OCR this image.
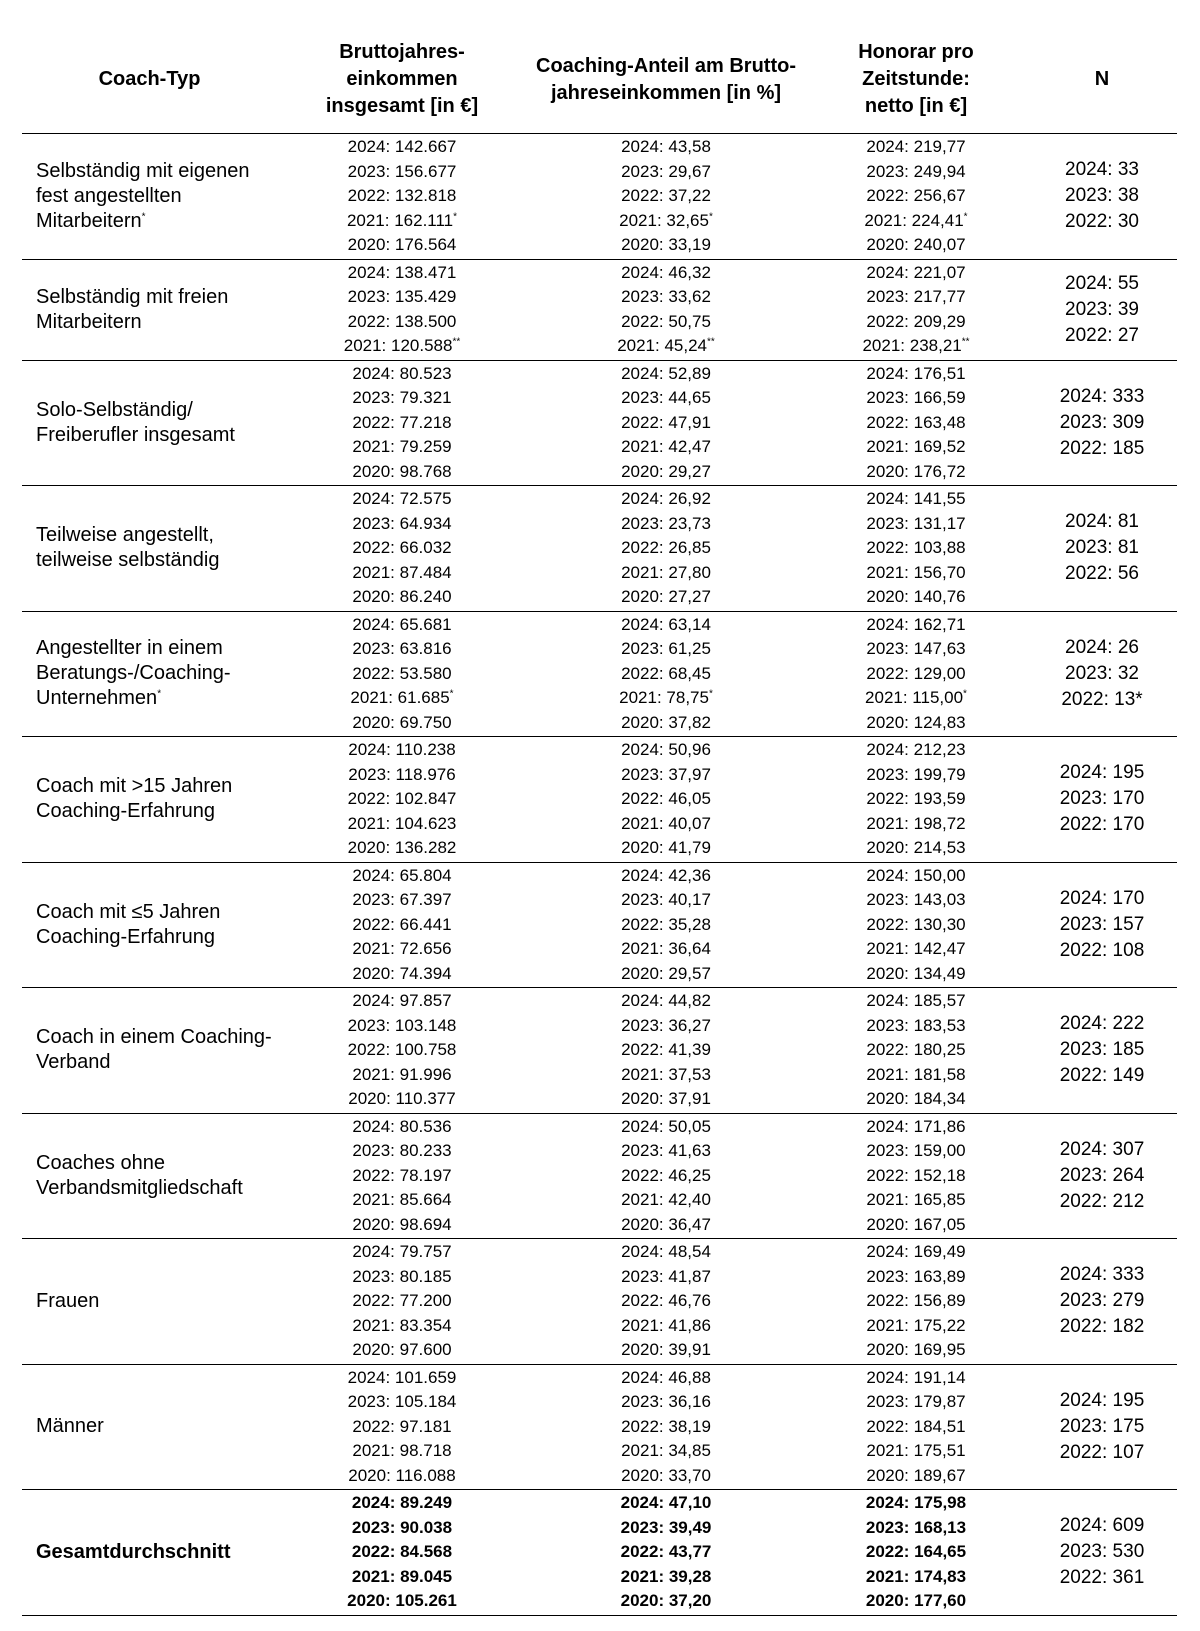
Coach-Typ	Bruttojahres-
einkommen
insgesamt [in €]	Coaching-Anteil am Brutto-
jahreseinkommen [in %]	Honorar pro
Zeitstunde:
netto [in €]	N

Selbständig mit eigenen
fest angestellten
Mitarbeitern*	2024: 142.667
2023: 156.677
2022: 132.818
2021: 162.111*
2020: 176.564	2024: 43,58
2023: 29,67
2022: 37,22
2021: 32,65*
2020: 33,19	2024: 219,77
2023: 249,94
2022: 256,67
2021: 224,41*
2020: 240,07	2024: 33
2023: 38
2022: 30

Selbständig mit freien
Mitarbeitern	2024: 138.471
2023: 135.429
2022: 138.500
2021: 120.588**	2024: 46,32
2023: 33,62
2022: 50,75
2021: 45,24**	2024: 221,07
2023: 217,77
2022: 209,29
2021: 238,21**	2024: 55
2023: 39
2022: 27

Solo-Selbständig/
Freiberufler insgesamt	2024: 80.523
2023: 79.321
2022: 77.218
2021: 79.259
2020: 98.768	2024: 52,89
2023: 44,65
2022: 47,91
2021: 42,47
2020: 29,27	2024: 176,51
2023: 166,59
2022: 163,48
2021: 169,52
2020: 176,72	2024: 333
2023: 309
2022: 185

Teilweise angestellt,
teilweise selbständig	2024: 72.575
2023: 64.934
2022: 66.032
2021: 87.484
2020: 86.240	2024: 26,92
2023: 23,73
2022: 26,85
2021: 27,80
2020: 27,27	2024: 141,55
2023: 131,17
2022: 103,88
2021: 156,70
2020: 140,76	2024: 81
2023: 81
2022: 56

Angestellter in einem
Beratungs-/Coaching-
Unternehmen*	2024: 65.681
2023: 63.816
2022: 53.580
2021: 61.685*
2020: 69.750	2024: 63,14
2023: 61,25
2022: 68,45
2021: 78,75*
2020: 37,82	2024: 162,71
2023: 147,63
2022: 129,00
2021: 115,00*
2020: 124,83	2024: 26
2023: 32
2022: 13*

Coach mit >15 Jahren
Coaching-Erfahrung	2024: 110.238
2023: 118.976
2022: 102.847
2021: 104.623
2020: 136.282	2024: 50,96
2023: 37,97
2022: 46,05
2021: 40,07
2020: 41,79	2024: 212,23
2023: 199,79
2022: 193,59
2021: 198,72
2020: 214,53	2024: 195
2023: 170
2022: 170

Coach mit ≤5 Jahren
Coaching-Erfahrung	2024: 65.804
2023: 67.397
2022: 66.441
2021: 72.656
2020: 74.394	2024: 42,36
2023: 40,17
2022: 35,28
2021: 36,64
2020: 29,57	2024: 150,00
2023: 143,03
2022: 130,30
2021: 142,47
2020: 134,49	2024: 170
2023: 157
2022: 108

Coach in einem Coaching-
Verband	2024: 97.857
2023: 103.148
2022: 100.758
2021: 91.996
2020: 110.377	2024: 44,82
2023: 36,27
2022: 41,39
2021: 37,53
2020: 37,91	2024: 185,57
2023: 183,53
2022: 180,25
2021: 181,58
2020: 184,34	2024: 222
2023: 185
2022: 149

Coaches ohne
Verbandsmitgliedschaft	2024: 80.536
2023: 80.233
2022: 78.197
2021: 85.664
2020: 98.694	2024: 50,05
2023: 41,63
2022: 46,25
2021: 42,40
2020: 36,47	2024: 171,86
2023: 159,00
2022: 152,18
2021: 165,85
2020: 167,05	2024: 307
2023: 264
2022: 212

Frauen	2024: 79.757
2023: 80.185
2022: 77.200
2021: 83.354
2020: 97.600	2024: 48,54
2023: 41,87
2022: 46,76
2021: 41,86
2020: 39,91	2024: 169,49
2023: 163,89
2022: 156,89
2021: 175,22
2020: 169,95	2024: 333
2023: 279
2022: 182

Männer	2024: 101.659
2023: 105.184
2022: 97.181
2021: 98.718
2020: 116.088	2024: 46,88
2023: 36,16
2022: 38,19
2021: 34,85
2020: 33,70	2024: 191,14
2023: 179,87
2022: 184,51
2021: 175,51
2020: 189,67	2024: 195
2023: 175
2022: 107

Gesamtdurchschnitt	2024: 89.249
2023: 90.038
2022: 84.568
2021: 89.045
2020: 105.261	2024: 47,10
2023: 39,49
2022: 43,77
2021: 39,28
2020: 37,20	2024: 175,98
2023: 168,13
2022: 164,65
2021: 174,83
2020: 177,60	2024: 609
2023: 530
2022: 361
